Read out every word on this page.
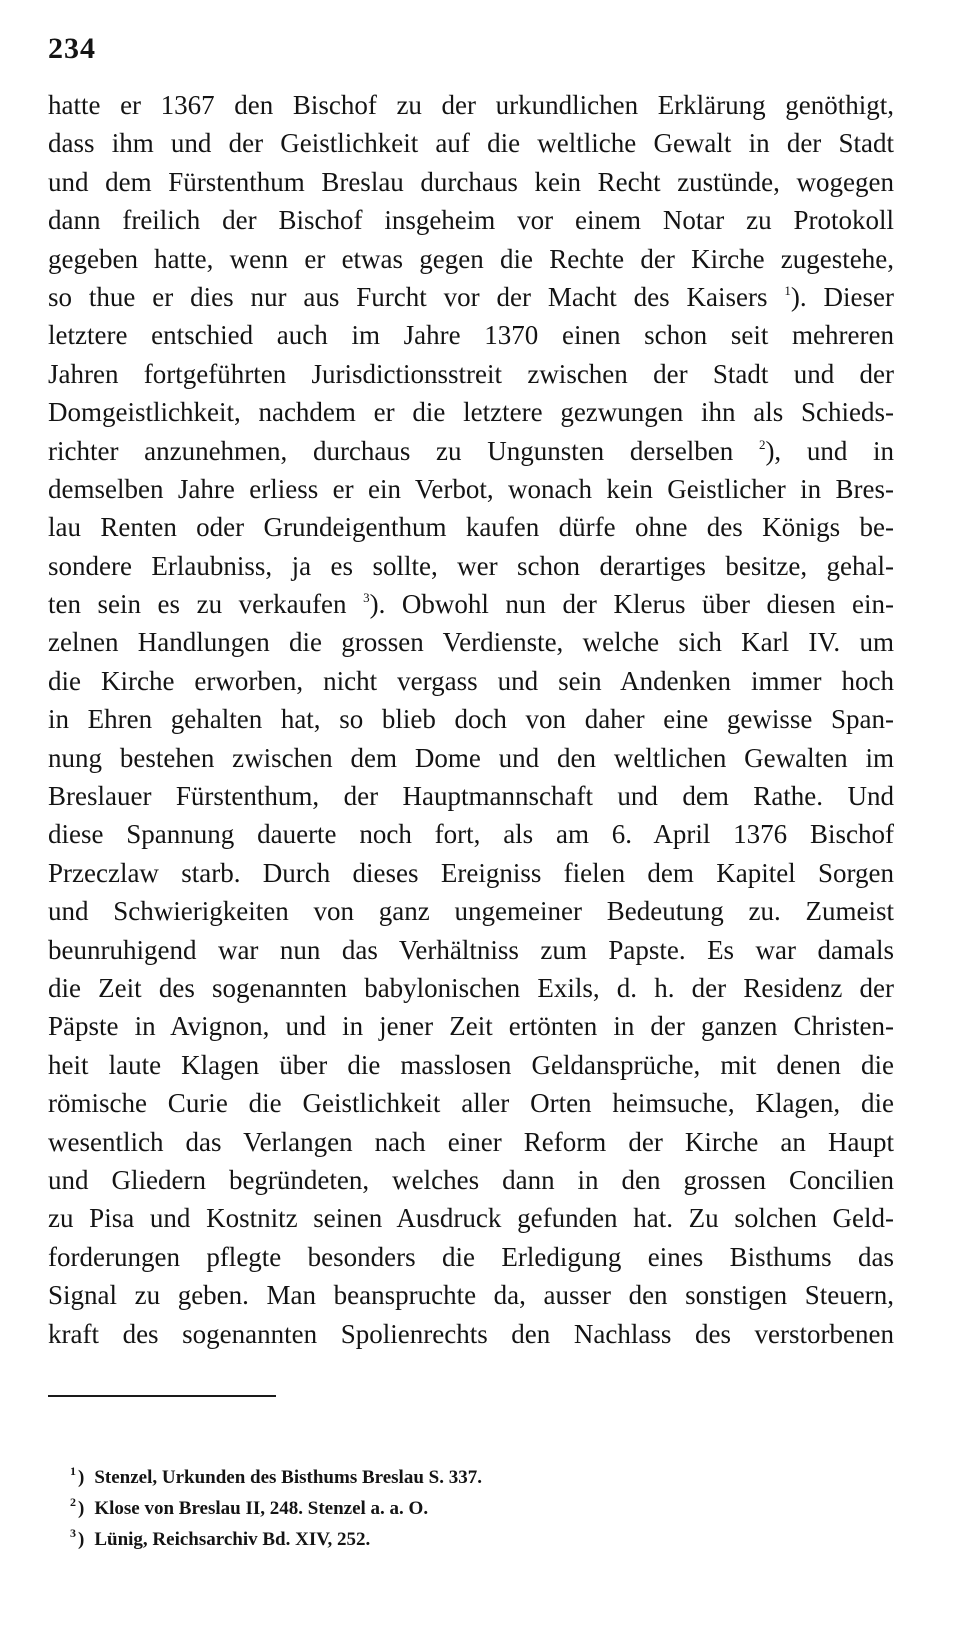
234
hatte er 1367 den Bischof zu der urkundlichen Erklärung genöthigt,
dass ihm und der Geistlichkeit auf die weltliche Gewalt in der Stadt
und dem Fürstenthum Breslau durchaus kein Recht zustünde, wogegen
dann freilich der Bischof insgeheim vor einem Notar zu Protokoll
gegeben hatte, wenn er etwas gegen die Rechte der Kirche zugestehe,
so thue er dies nur aus Furcht vor der Macht des Kaisers $^1$). Dieser
letztere entschied auch im Jahre 1370 einen schon seit mehreren
Jahren fortgeführten Jurisdictionsstreit zwischen der Stadt und der
Domgeistlichkeit, nachdem er die letztere gezwungen ihn als Schieds-
richter anzunehmen, durchaus zu Ungunsten derselben $^2$), und in
demselben Jahre erliess er ein Verbot, wonach kein Geistlicher in Bres-
lau Renten oder Grundeigenthum kaufen dürfe ohne des Königs be-
sondere Erlaubniss, ja es sollte, wer schon derartiges besitze, gehal-
ten sein es zu verkaufen $^3$). Obwohl nun der Klerus über diesen ein-
zelnen Handlungen die grossen Verdienste, welche sich Karl IV. um
die Kirche erworben, nicht vergass und sein Andenken immer hoch
in Ehren gehalten hat, so blieb doch von daher eine gewisse Span-
nung bestehen zwischen dem Dome und den weltlichen Gewalten im
Breslauer Fürstenthum, der Hauptmannschaft und dem Rathe. Und
diese Spannung dauerte noch fort, als am 6. April 1376 Bischof
Przeczlaw starb. Durch dieses Ereigniss fielen dem Kapitel Sorgen
und Schwierigkeiten von ganz ungemeiner Bedeutung zu. Zumeist
beunruhigend war nun das Verhältniss zum Papste. Es war damals
die Zeit des sogenannten babylonischen Exils, d. h. der Residenz der
Päpste in Avignon, und in jener Zeit ertönten in der ganzen Christen-
heit laute Klagen über die masslosen Geldansprüche, mit denen die
römische Curie die Geistlichkeit aller Orten heimsuche, Klagen, die
wesentlich das Verlangen nach einer Reform der Kirche an Haupt
und Gliedern begründeten, welches dann in den grossen Concilien
zu Pisa und Kostnitz seinen Ausdruck gefunden hat. Zu solchen Geld-
forderungen pflegte besonders die Erledigung eines Bisthums das
Signal zu geben. Man beanspruchte da, ausser den sonstigen Steuern,
kraft des sogenannten Spolienrechts den Nachlass des verstorbenen
1 ) Stenzel, Urkunden des Bisthums Breslau S. 337.
2 ) Klose von Breslau II, 248. Stenzel a. a. O.
3 ) Lünig, Reichsarchiv Bd. XIV, 252.
